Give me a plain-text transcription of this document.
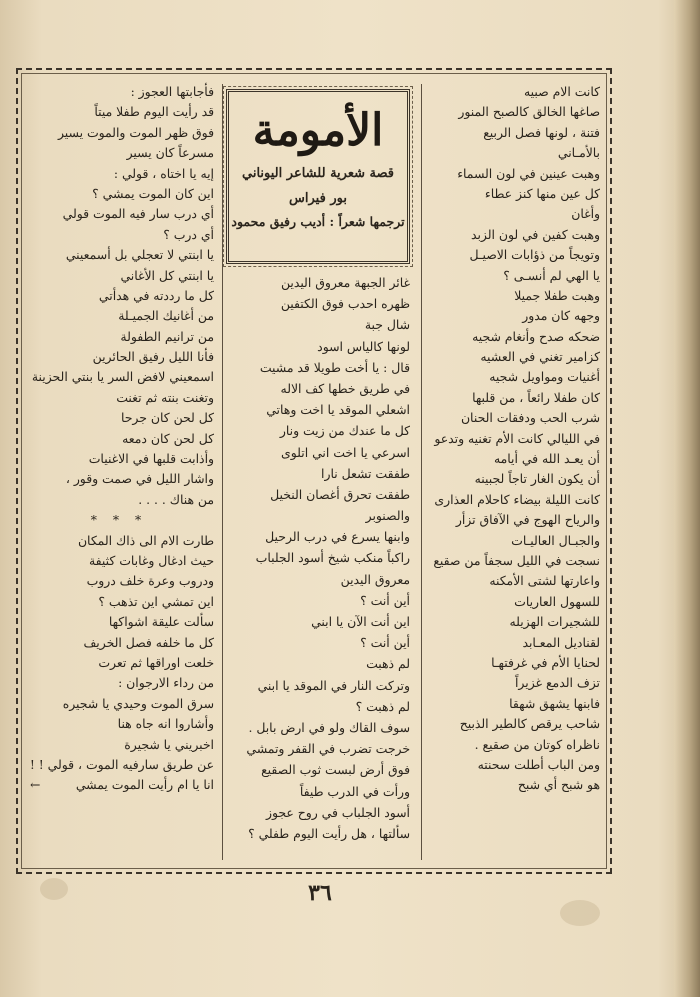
الأمومة
قصة شعرية للشاعر اليوناني
بور فيراس
ترجمها شعراً : أديب رفيق محمود
كانت الام صبيه
صاغها الخالق كالصبح المنور
فتنة ، لونها فصل الربيع
بالأمـاني
وهبت عينين في لون السماء
كل عين منها كنز عطاء
وأغان
وهبت كفين في لون الزبد
وتويجاً من ذؤابات الاصيـل
يا الهي لم أنسـى ؟
وهبت طفلا جميلا
وجهه كان مدور
ضحكه صدح وأنغام شجيه
كزامير تغني في العشيه
أغنيات ومواويل شجيه
كان طفلا رائعاً ، من قلبها
شرب الحب ودفقات الحنان
في الليالي كانت الأم تغنيه وتدعو
أن يعـد الله في أيامه
أن يكون الغار تاجاً لجبينه
كانت الليلة بيضاء كاحلام العذارى
والرياح الهوج في الآفاق تزأر
والجبـال العاليـات
نسجت في الليل سجفاً من صقيع
واعارتها لشتى الأمكنه
للسهول العاريات
للشجيرات الهزيله
لقناديل المعـابد
لحنايا الأم في غرفتهـا
تزف الدمع غزيراً
فابنها يشهق شهقا
شاحب يرقص كالطير الذبيح
ناظراه كوتان من صقيع .
ومن الباب أطلت سحنته
هو شبح أي شبح
غائر الجبهة معروق اليدين
ظهره احدب فوق الكتفين
شال جبة
لونها كالياس اسود
قال : يا أخت طويلا قد مشيت
في طريق خطها كف الاله
اشعلي الموقد يا اخت وهاتي
كل ما عندك من زيت ونار
اسرعي يا اخت اني اتلوى
طفقت تشعل نارا
طفقت تحرق أغصان النخيل
والصنوبر
وابنها يسرع في درب الرحيل
راكباً منكب شيخ أسود الجلباب
معروق اليدين
أين أنت ؟
اين أنت الآن يا ابني
أين أنت ؟
لم ذهبت
وتركت النار في الموقد يا ابني
لم ذهبت ؟
سوف القاك ولو في ارض بابل .
خرجت تضرب في القفر وتمشي
فوق أرض لبست ثوب الصقيع
ورأت في الدرب طيفاً
أسود الجلباب في روح عجوز
سألتها ، هل رأيت اليوم طفلي ؟
فأجابتها العجوز :
قد رأيت اليوم طفلا ميتاً
فوق ظهر الموت والموت يسير
مسرعاً كان يسير
إيه يا اختاه ، قولي :
اين كان الموت يمشي ؟
أي درب سار فيه الموت قولي
أي درب ؟
يا ابنتي لا تعجلي بل أسمعيني
يا ابنتي كل الأغاني
كل ما رددته في هدأتي
من أغانيك الجميـلة
من ترانيم الطفولة
فأنا الليل رفيق الحائرين
اسمعيني لافض السر يا بنتي الحزينة
وتغنت بنته ثم تغنت
كل لحن كان جرحا
كل لحن كان دمعه
وأذابت قلبها في الاغنيات
واشار الليل في صمت وقور ،
من هناك . . . .
* * *
طارت الام الى ذاك المكان
حيث ادغال وغابات كثيفة
ودروب وعرة خلف دروب
اين تمشي اين تذهب ؟
سألت عليقة اشواكها
كل ما خلفه فصل الخريف
خلعت اوراقها ثم تعرت
من رداء الارجوان :
سرق الموت وحيدي يا شجيره
وأشاروا انه جاه هنا
اخبريني يا شجيرة
عن طريق سارفيه الموت ، قولي ! !
انا يا ام رأيت الموت يمشي
←
٣٦
